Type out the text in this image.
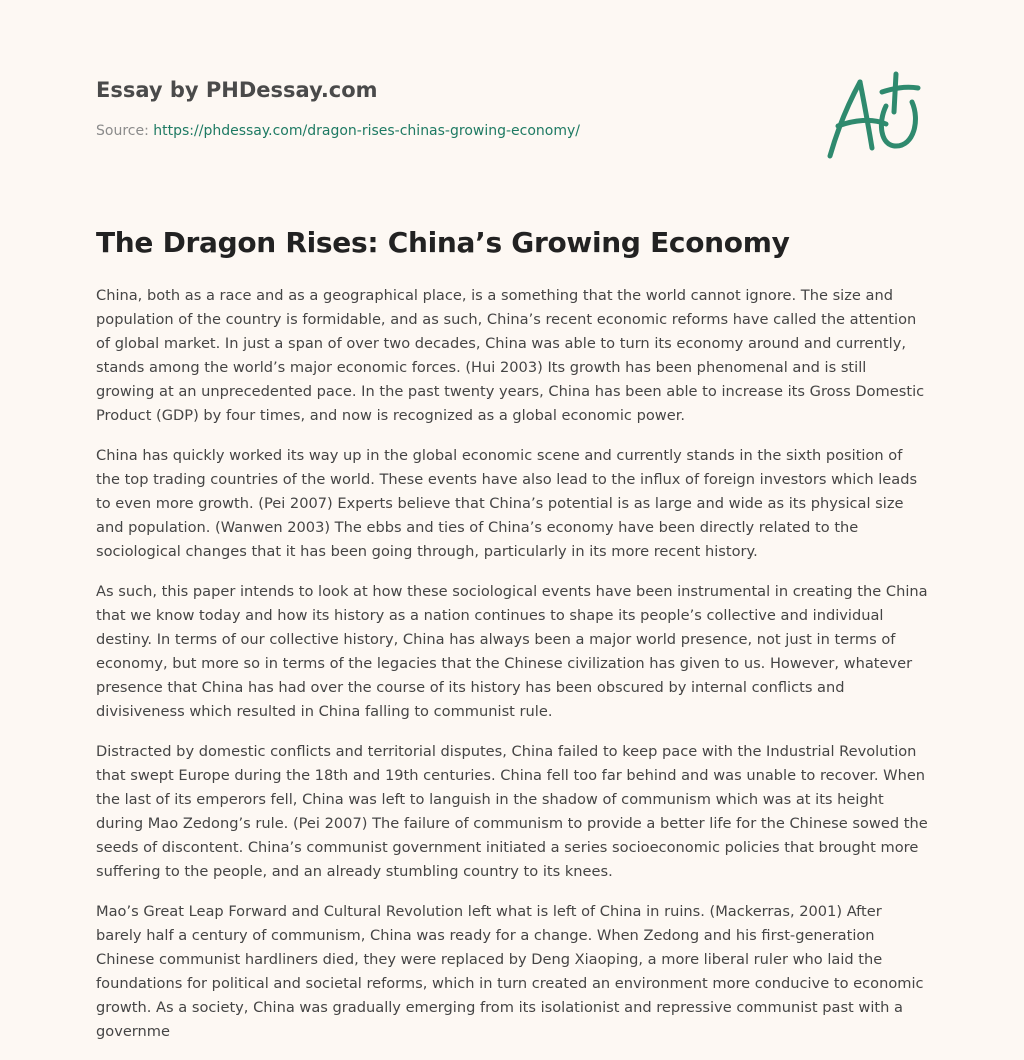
Essay by PHDessay.com
Source: https://phdessay.com/dragon-rises-chinas-growing-economy/
The Dragon Rises: China’s Growing Economy

China, both as a race and as a geographical place, is a something that the world cannot ignore. The size and population of the country is formidable, and as such, China’s recent economic reforms have called the attention of global market. In just a span of over two decades, China was able to turn its economy around and currently, stands among the world’s major economic forces. (Hui 2003) Its growth has been phenomenal and is still growing at an unprecedented pace. In the past twenty years, China has been able to increase its Gross Domestic Product (GDP) by four times, and now is recognized as a global economic power.

China has quickly worked its way up in the global economic scene and currently stands in the sixth position of the top trading countries of the world. These events have also lead to the influx of foreign investors which leads to even more growth. (Pei 2007) Experts believe that China’s potential is as large and wide as its physical size and population. (Wanwen 2003) The ebbs and ties of China’s economy have been directly related to the sociological changes that it has been going through, particularly in its more recent history.

As such, this paper intends to look at how these sociological events have been instrumental in creating the China that we know today and how its history as a nation continues to shape its people’s collective and individual destiny. In terms of our collective history, China has always been a major world presence, not just in terms of economy, but more so in terms of the legacies that the Chinese civilization has given to us. However, whatever presence that China has had over the course of its history has been obscured by internal conflicts and divisiveness which resulted in China falling to communist rule.

Distracted by domestic conflicts and territorial disputes, China failed to keep pace with the Industrial Revolution that swept Europe during the 18th and 19th centuries. China fell too far behind and was unable to recover. When the last of its emperors fell, China was left to languish in the shadow of communism which was at its height during Mao Zedong’s rule. (Pei 2007) The failure of communism to provide a better life for the Chinese sowed the seeds of discontent. China’s communist government initiated a series socioeconomic policies that brought more suffering to the people, and an already stumbling country to its knees.

Mao’s Great Leap Forward and Cultural Revolution left what is left of China in ruins. (Mackerras, 2001) After barely half a century of communism, China was ready for a change. When Zedong and his first-generation Chinese communist hardliners died, they were replaced by Deng Xiaoping, a more liberal ruler who laid the foundations for political and societal reforms, which in turn created an environment more conducive to economic growth. As a society, China was gradually emerging from its isolationist and repressive communist past with a governme
